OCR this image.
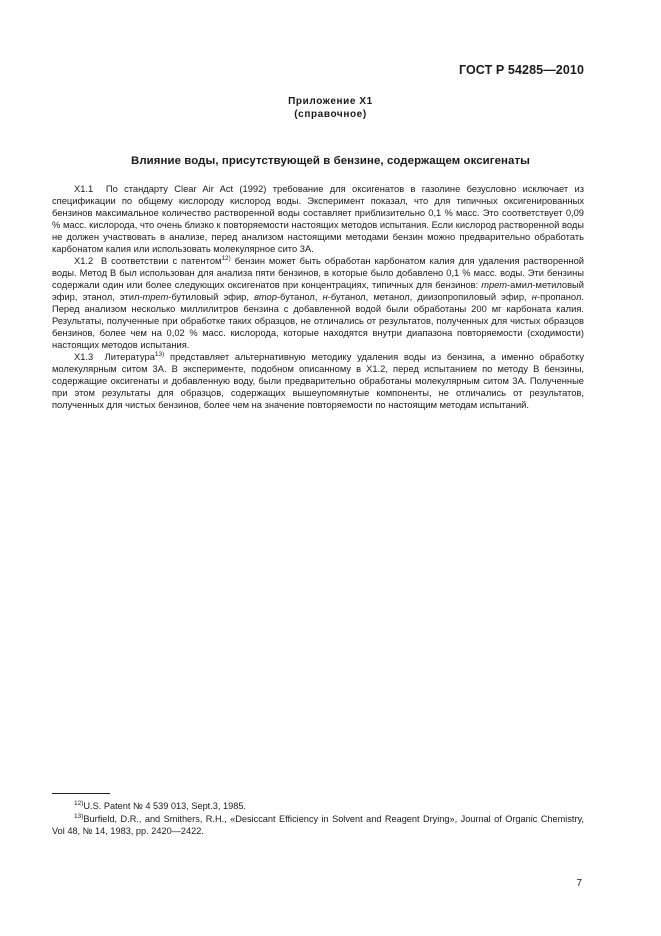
ГОСТ Р 54285—2010
Приложение X1
(справочное)
Влияние воды, присутствующей в бензине, содержащем оксигенаты

X1.1 По стандарту Clear Air Act (1992) требование для оксигенатов в газолине безусловно исключает из спецификации по общему кислороду кислород воды. Эксперимент показал, что для типичных оксигенированных бензинов максимальное количество растворенной воды составляет приблизительно 0,1 % масс. Это соответствует 0,09 % масс. кислорода, что очень близко к повторяемости настоящих методов испытания. Если кислород растворенной воды не должен участвовать в анализе, перед анализом настоящими методами бензин можно предварительно обработать карбонатом калия или использовать молекулярное сито 3А.

X1.2 В соответствии с патентом$^{12)}$ бензин может быть обработан карбонатом калия для удаления растворенной воды. Метод В был использован для анализа пяти бензинов, в которые было добавлено 0,1 % масс. воды. Эти бензины содержали один или более следующих оксигенатов при концентрациях, типичных для бензинов: трет-амил-метиловый эфир, этанол, этил-трет-бутиловый эфир, втор-бутанол, н-бутанол, метанол, диизопропиловый эфир, н-пропанол. Перед анализом несколько миллилитров бензина с добавленной водой были обработаны 200 мг карбоната калия. Результаты, полученные при обработке таких образцов, не отличались от результатов, полученных для чистых образцов бензинов, более чем на 0,02 % масс. кислорода, которые находятся внутри диапазона повторяемости (сходимости) настоящих методов испытания.

X1.3 Литература$^{13)}$ представляет альтернативную методику удаления воды из бензина, а именно обработку молекулярным ситом 3А. В эксперименте, подобном описанному в X1.2, перед испытанием по методу В бензины, содержащие оксигенаты и добавленную воду, были предварительно обработаны молекулярным ситом 3А. Полученные при этом результаты для образцов, содержащих вышеупомянутые компоненты, не отличались от результатов, полученных для чистых бензинов, более чем на значение повторяемости по настоящим методам испытаний.

$^{12)}$U.S. Patent № 4 539 013, Sept.3, 1985.

$^{13)}$Burfield, D.R., and Smithers, R.H., «Desiccant Efficiency in Solvent and Reagent Drying», Journal of Organic Chemistry, Vol 48, № 14, 1983, pp. 2420—2422.

7
